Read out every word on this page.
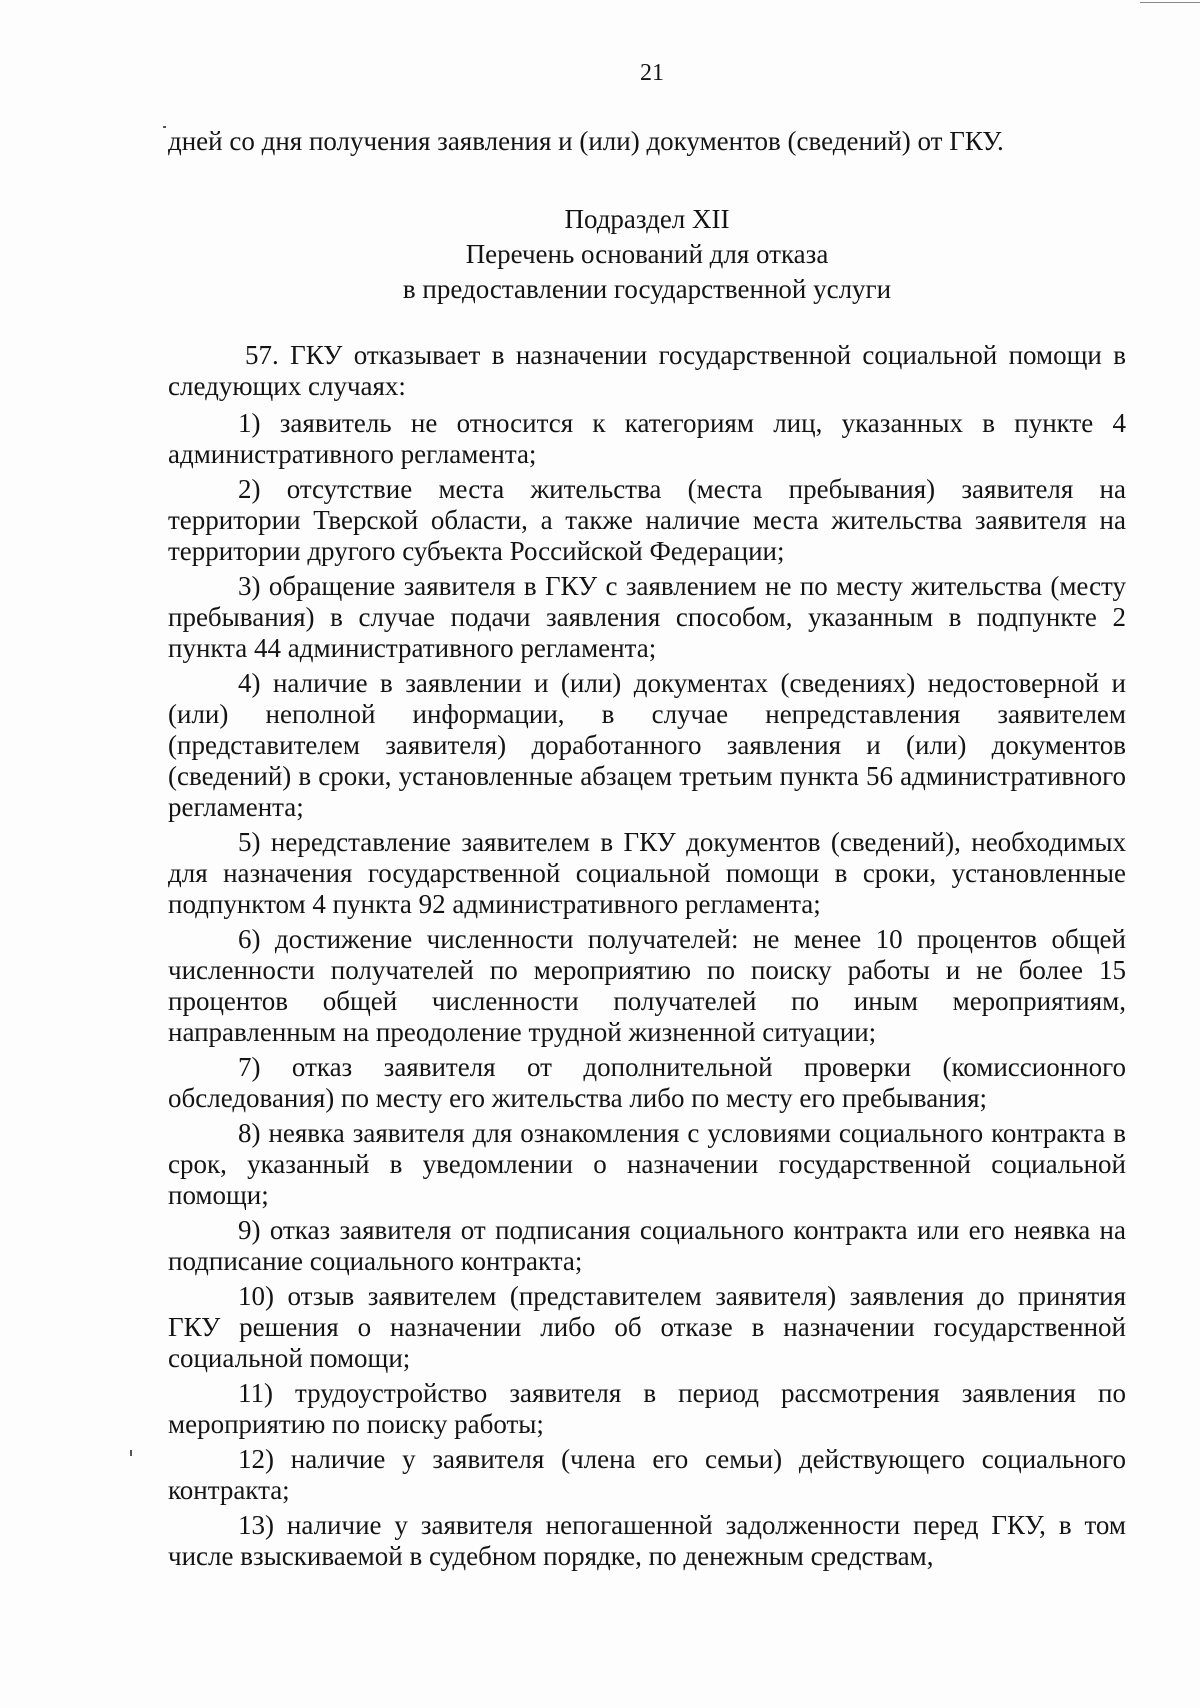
21

дней со дня получения заявления и (или) документов (сведений) от ГКУ.

Подраздел XII
Перечень оснований для отказа
в предоставлении государственной услуги

57. ГКУ отказывает в назначении государственной социальной помощи в следующих случаях:

1) заявитель не относится к категориям лиц, указанных в пункте 4 административного регламента;

2) отсутствие места жительства (места пребывания) заявителя на территории Тверской области, а также наличие места жительства заявителя на территории другого субъекта Российской Федерации;

3) обращение заявителя в ГКУ с заявлением не по месту жительства (месту пребывания) в случае подачи заявления способом, указанным в подпункте 2 пункта 44 административного регламента;

4) наличие в заявлении и (или) документах (сведениях) недостоверной и (или) неполной информации, в случае непредставления заявителем (представителем заявителя) доработанного заявления и (или) документов (сведений) в сроки, установленные абзацем третьим пункта 56 административного регламента;

5) нередставление заявителем в ГКУ документов (сведений), необходимых для назначения государственной социальной помощи в сроки, установленные подпунктом 4 пункта 92 административного регламента;

6) достижение численности получателей: не менее 10 процентов общей численности получателей по мероприятию по поиску работы и не более 15 процентов общей численности получателей по иным мероприятиям, направленным на преодоление трудной жизненной ситуации;

7) отказ заявителя от дополнительной проверки (комиссионного обследования) по месту его жительства либо по месту его пребывания;

8) неявка заявителя для ознакомления с условиями социального контракта в срок, указанный в уведомлении о назначении государственной социальной помощи;

9) отказ заявителя от подписания социального контракта или его неявка на подписание социального контракта;

10) отзыв заявителем (представителем заявителя) заявления до принятия ГКУ решения о назначении либо об отказе в назначении государственной социальной помощи;

11) трудоустройство заявителя в период рассмотрения заявления по мероприятию по поиску работы;

12) наличие у заявителя (члена его семьи) действующего социального контракта;

13) наличие у заявителя непогашенной задолженности перед ГКУ, в том числе взыскиваемой в судебном порядке, по денежным средствам,
